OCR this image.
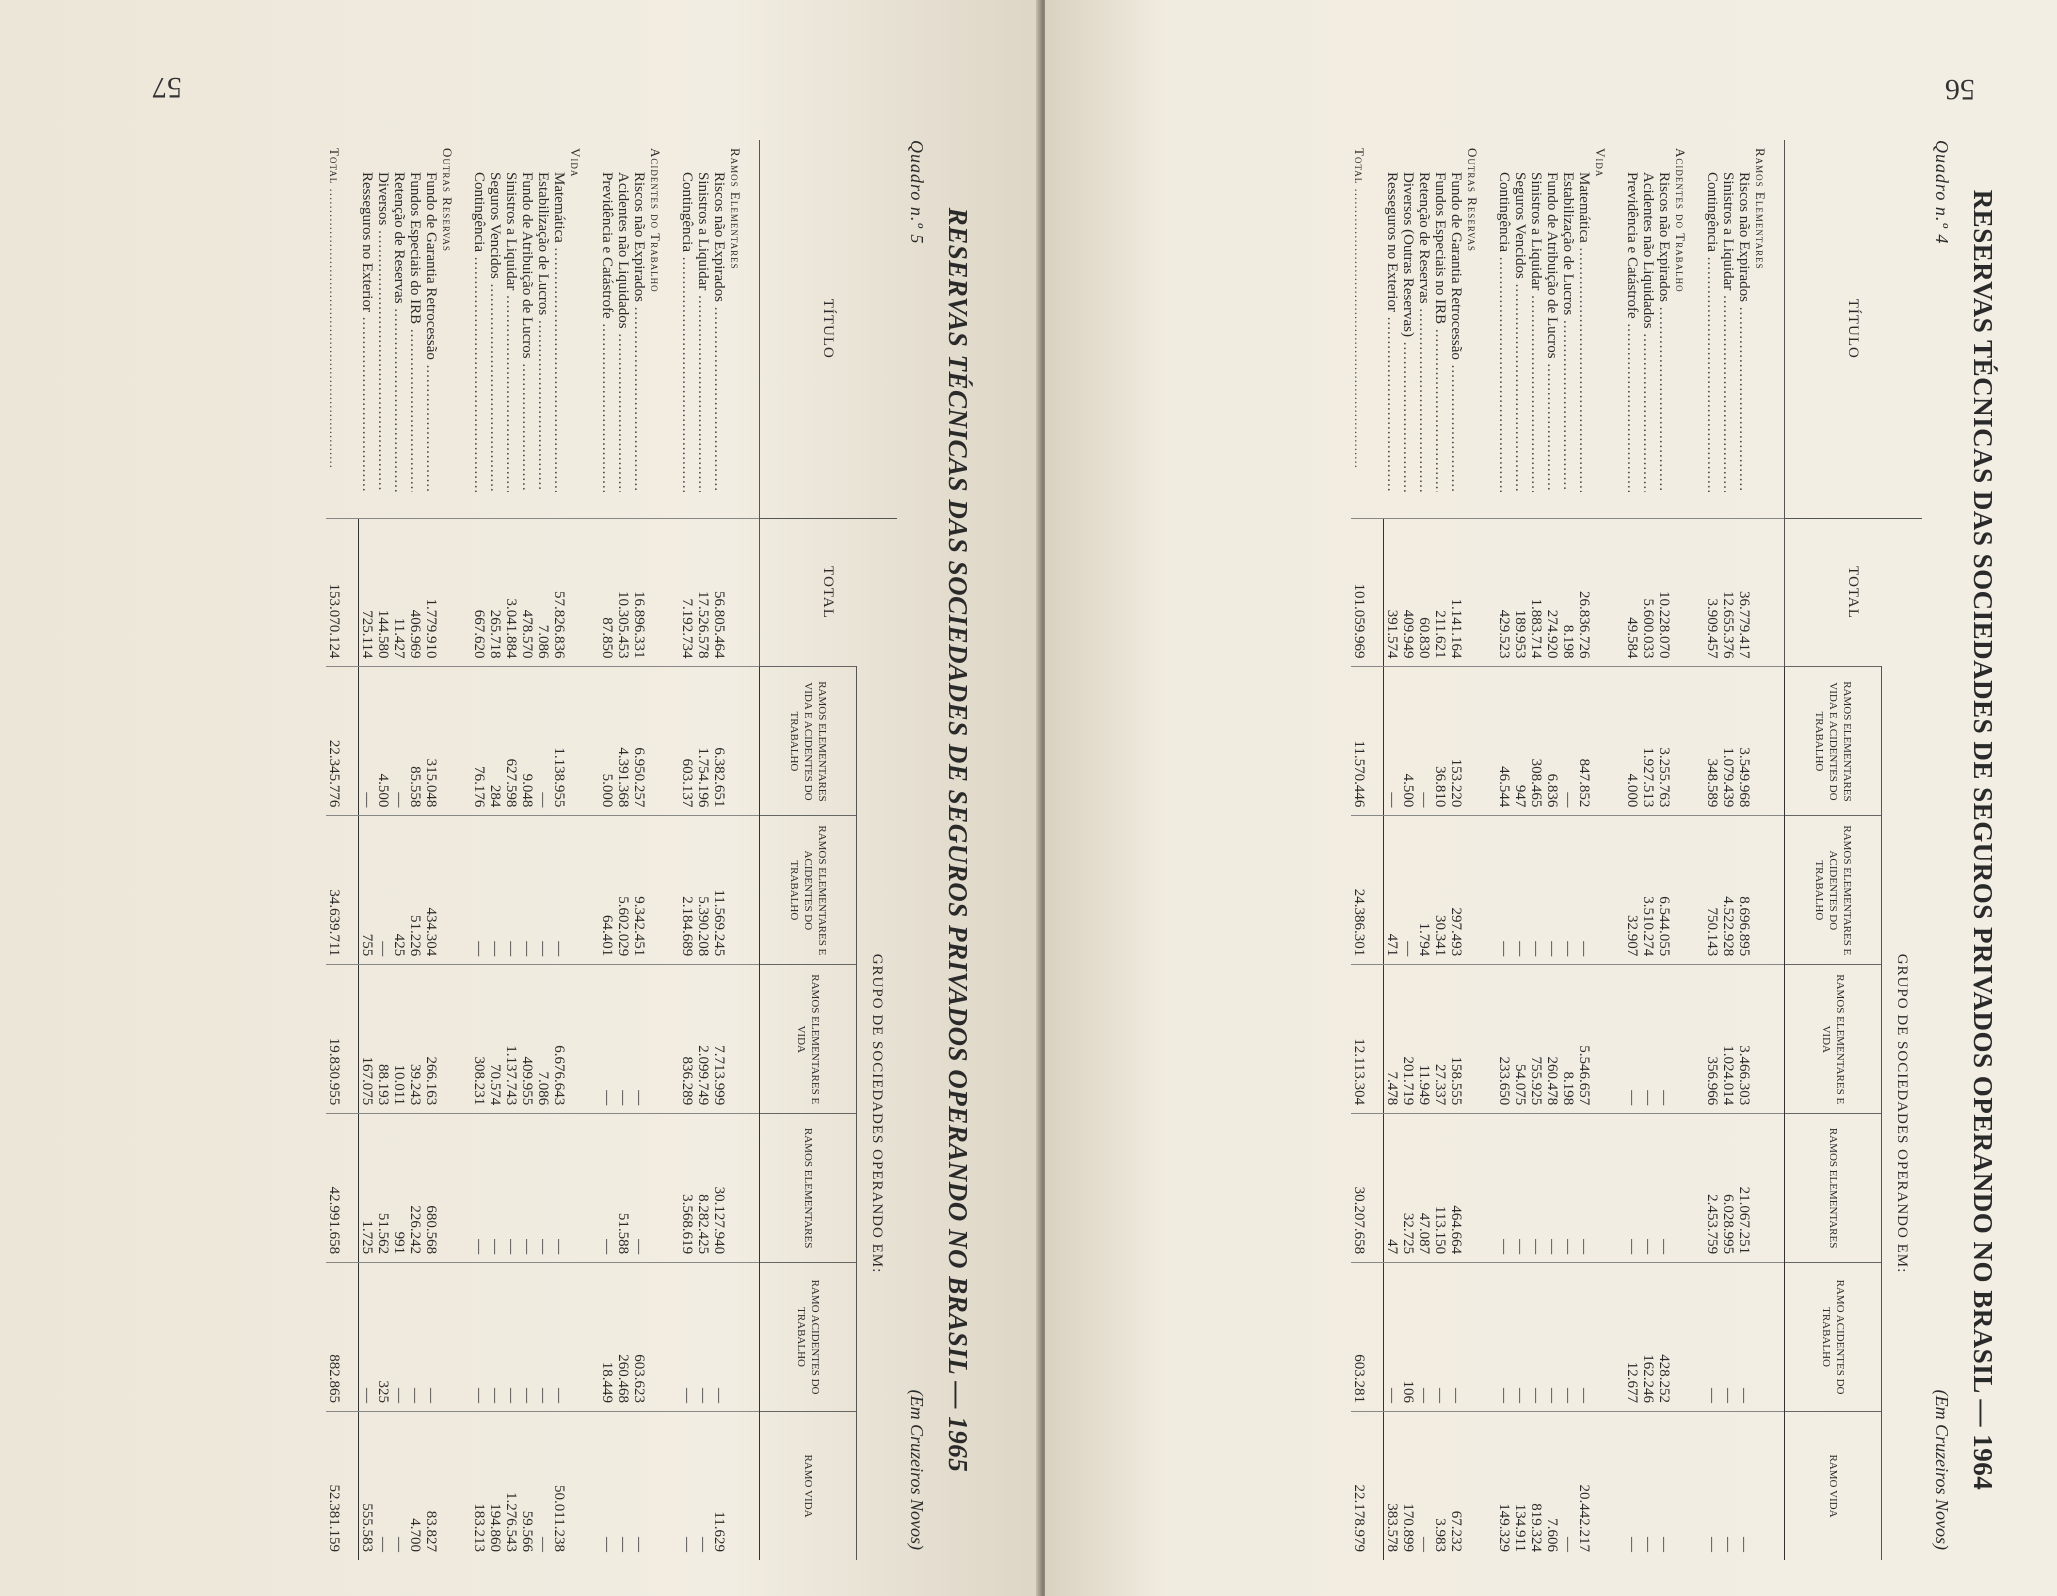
57
RESERVAS TÉCNICAS DAS SOCIEDADES DE SEGUROS PRIVADOS OPERANDO NO BRASIL — 1965
Quadro n.º 5
(Em Cruzeiros Novos)
TÍTULO	TOTAL	GRUPO DE SOCIEDADES OPERANDO EM:					
		RAMOS ELEMENTARES VIDA E ACIDENTES DO TRABALHO	RAMOS ELEMENTARES E ACIDENTES DO TRABALHO	RAMOS ELEMENTARES E VIDA	RAMOS ELEMENTARES	RAMO ACIDENTES DO TRABALHO	RAMO VIDA
Ramos Elementares							
Riscos não Expirados .....	56.805.464	6.382.651	11.569.245	7.713.999	30.127.940	—	11.629
Sinistros a Liquidar .....	17.526.578	1.754.196	5.390.208	2.099.749	8.282.425	—	—
Contingência .....	7.192.734	603.137	2.184.689	836.289	3.568.619	—	—
Acidentes do Trabalho							
Riscos não Expirados .....	16.896.331	6.950.257	9.342.451	—	—	603.623	—
Acidentes não Liquidados .....	10.305.453	4.391.368	5.602.029	—	51.588	260.468	—
Previdência e Catástrofe .....	87.850	5.000	64.401	—	—	18.449	—
Vida							
Matemática .....	57.826.836	1.138.955	—	6.676.643	—	—	50.011.238
Estabilização de Lucros .....	7.086	—	—	7.086	—	—	—
Fundo de Atribuição de Lucros .....	478.570	9.048	—	409.955	—	—	59.566
Sinistros a Liquidar .....	3.041.884	627.598	—	1.137.743	—	—	1.276.543
Seguros Vencidos .....	265.718	284	—	70.574	—	—	194.860
Contingência .....	667.620	76.176	—	308.231	—	—	183.213
Outras Reservas							
Fundo de Garantia Retrocessão .....	1.779.910	315.048	434.304	266.163	680.568	—	83.827
Fundos Especiais do IRB .....	406.969	85.558	51.226	39.243	226.242	—	4.700
Retenção de Reservas .....	11.427	—	425	10.011	991	—	—
Diversos .....	144.580	4.500	—	88.193	51.562	325	—
Resseguros no Exterior .....	725.114	—	755	167.075	1.725	—	555.583
Total .....	153.070.124	22.345.776	34.639.711	19.830.955	42.991.658	882.865	52.381.159
56
RESERVAS TÉCNICAS DAS SOCIEDADES DE SEGUROS PRIVADOS OPERANDO NO BRASIL — 1964
Quadro n.º 4
(Em Cruzeiros Novos)
TÍTULO	TOTAL	GRUPO DE SOCIEDADES OPERANDO EM:					
		RAMOS ELEMENTARES VIDA E ACIDENTES DO TRABALHO	RAMOS ELEMENTARES E ACIDENTES DO TRABALHO	RAMOS ELEMENTARES E VIDA	RAMOS ELEMENTARES	RAMO ACIDENTES DO TRABALHO	RAMO VIDA
Ramos Elementares							
Riscos não Expirados .....	36.779.417	3.549.968	8.696.895	3.466.303	21.067.251	—	—
Sinistros a Liquidar .....	12.655.376	1.079.439	4.522.928	1.024.014	6.028.995	—	—
Contingência .....	3.909.457	348.589	750.143	356.966	2.453.759	—	—
Acidentes do Trabalho							
Riscos não Expirados .....	10.228.070	3.255.763	6.544.055	—	—	428.252	—
Acidentes não Liquidados .....	5.600.033	1.927.513	3.510.274	—	—	162.246	—
Previdência e Catástrofe .....	49.584	4.000	32.907	—	—	12.677	—
Vida							
Matemática .....	26.836.726	847.852	—	5.546.657	—	—	20.442.217
Estabilização de Lucros .....	8.198	—	—	8.198	—	—	—
Fundo de Atribuição de Lucros .....	274.920	6.836	—	260.478	—	—	7.606
Sinistros a Liquidar .....	1.883.714	308.465	—	755.925	—	—	819.324
Seguros Vencidos .....	189.953	947	—	54.075	—	—	134.911
Contingência .....	429.523	46.544	—	233.650	—	—	149.329
Outras Reservas							
Fundo de Garantia Retrocessão .....	1.141.164	153.220	297.493	158.555	464.664	—	67.232
Fundos Especiais no IRB .....	211.621	36.810	30.341	27.337	113.150	—	3.983
Retenção de Reservas .....	60.830	—	1.794	11.949	47.087	—	—
Diversos (Outras Reservas) .....	409.949	4.500	—	201.719	32.725	106	170.899
Resseguros no Exterior .....	391.574	—	471	7.478	47	—	383.578
Total .....	101.059.969	11.570.446	24.386.301	12.113.304	30.207.658	603.281	22.178.979
